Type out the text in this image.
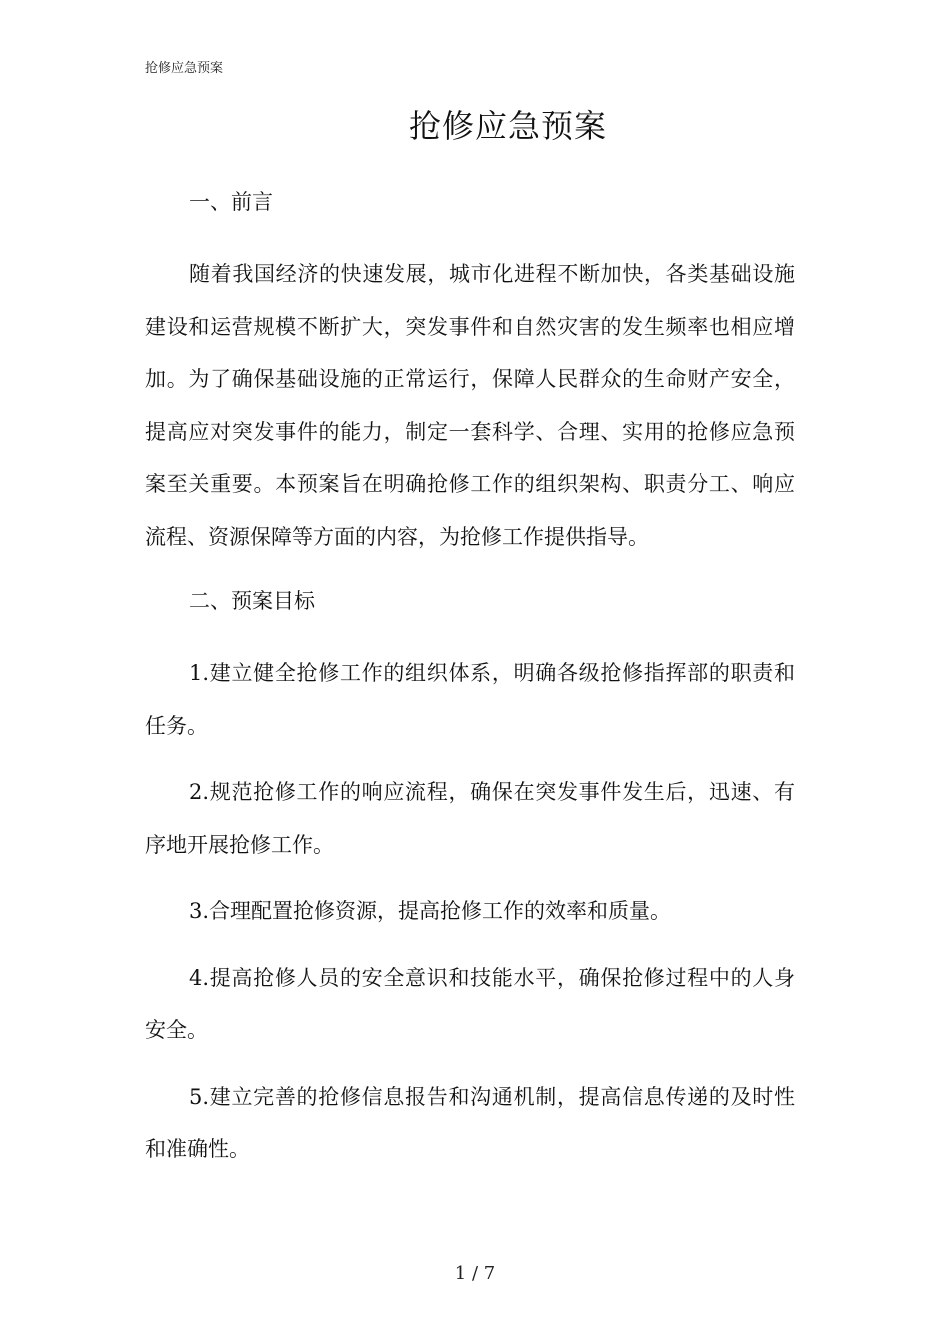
抢修应急预案
抢修应急预案
一、前言

随着我国经济的快速发展，城市化进程不断加快，各类基础设施建设和运营规模不断扩大，突发事件和自然灾害的发生频率也相应增加。为了确保基础设施的正常运行，保障人民群众的生命财产安全，提高应对突发事件的能力，制定一套科学、合理、实用的抢修应急预案至关重要。本预案旨在明确抢修工作的组织架构、职责分工、响应流程、资源保障等方面的内容，为抢修工作提供指导。

二、预案目标

1.建立健全抢修工作的组织体系，明确各级抢修指挥部的职责和任务。

2.规范抢修工作的响应流程，确保在突发事件发生后，迅速、有序地开展抢修工作。

3.合理配置抢修资源，提高抢修工作的效率和质量。

4.提高抢修人员的安全意识和技能水平，确保抢修过程中的人身安全。

5.建立完善的抢修信息报告和沟通机制，提高信息传递的及时性和准确性。

1 / 7
